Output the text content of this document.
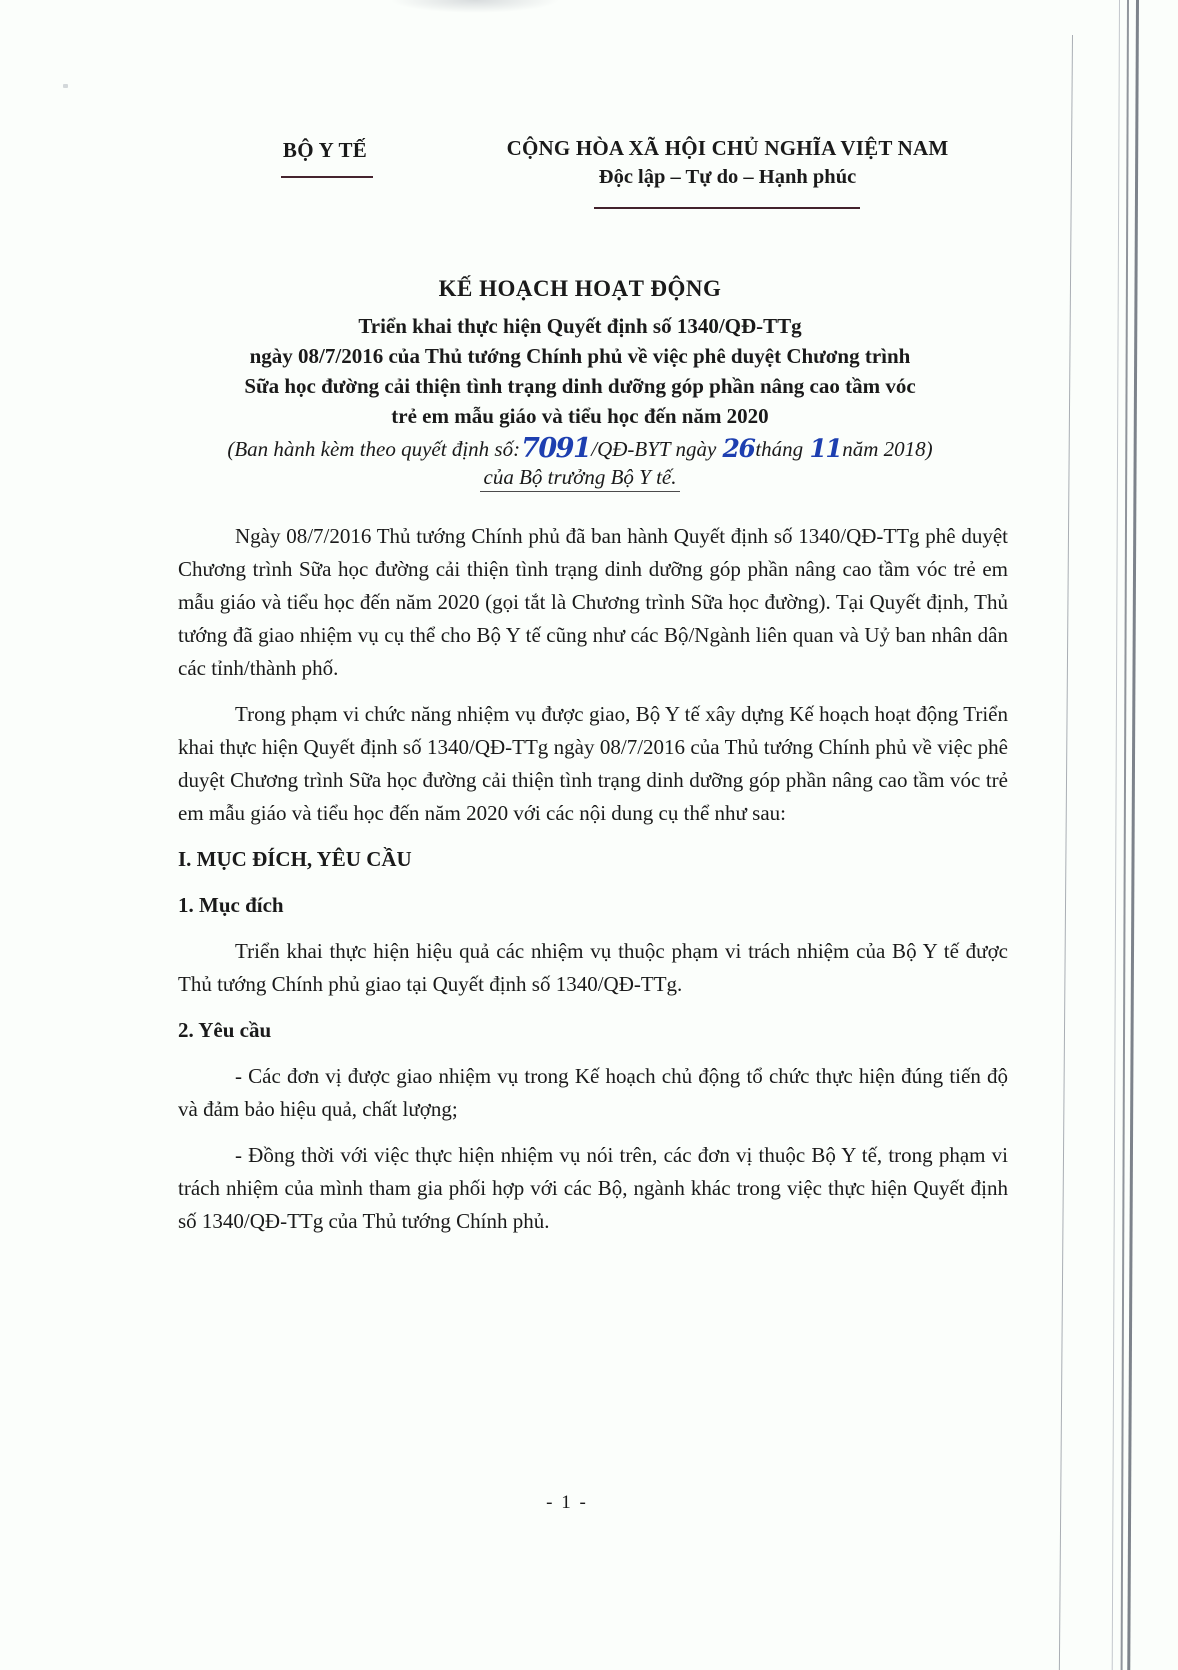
BỘ Y TẾ	CỘNG HÒA XÃ HỘI CHỦ NGHĨA VIỆT NAM
Độc lập – Tự do – Hạnh phúc
KẾ HOẠCH HOẠT ĐỘNG
Triển khai thực hiện Quyết định số 1340/QĐ-TTg
ngày 08/7/2016 của Thủ tướng Chính phủ về việc phê duyệt Chương trình
Sữa học đường cải thiện tình trạng dinh dưỡng góp phần nâng cao tầm vóc
trẻ em mẫu giáo và tiểu học đến năm 2020
(Ban hành kèm theo quyết định số:7091/QĐ-BYT ngày 26tháng 11năm 2018)
của Bộ trưởng Bộ Y tế.

Ngày 08/7/2016 Thủ tướng Chính phủ đã ban hành Quyết định số 1340/QĐ-TTg phê duyệt Chương trình Sữa học đường cải thiện tình trạng dinh dưỡng góp phần nâng cao tầm vóc trẻ em mẫu giáo và tiểu học đến năm 2020 (gọi tắt là Chương trình Sữa học đường). Tại Quyết định, Thủ tướng đã giao nhiệm vụ cụ thể cho Bộ Y tế cũng như các Bộ/Ngành liên quan và Uỷ ban nhân dân các tỉnh/thành phố.

Trong phạm vi chức năng nhiệm vụ được giao, Bộ Y tế xây dựng Kế hoạch hoạt động Triển khai thực hiện Quyết định số 1340/QĐ-TTg ngày 08/7/2016 của Thủ tướng Chính phủ về việc phê duyệt Chương trình Sữa học đường cải thiện tình trạng dinh dưỡng góp phần nâng cao tầm vóc trẻ em mẫu giáo và tiểu học đến năm 2020 với các nội dung cụ thể như sau:

I. MỤC ĐÍCH, YÊU CẦU

1. Mục đích

Triển khai thực hiện hiệu quả các nhiệm vụ thuộc phạm vi trách nhiệm của Bộ Y tế được Thủ tướng Chính phủ giao tại Quyết định số 1340/QĐ-TTg.

2. Yêu cầu

- Các đơn vị được giao nhiệm vụ trong Kế hoạch chủ động tổ chức thực hiện đúng tiến độ và đảm bảo hiệu quả, chất lượng;

- Đồng thời với việc thực hiện nhiệm vụ nói trên, các đơn vị thuộc Bộ Y tế, trong phạm vi trách nhiệm của mình tham gia phối hợp với các Bộ, ngành khác trong việc thực hiện Quyết định số 1340/QĐ-TTg của Thủ tướng Chính phủ.

- 1 -
